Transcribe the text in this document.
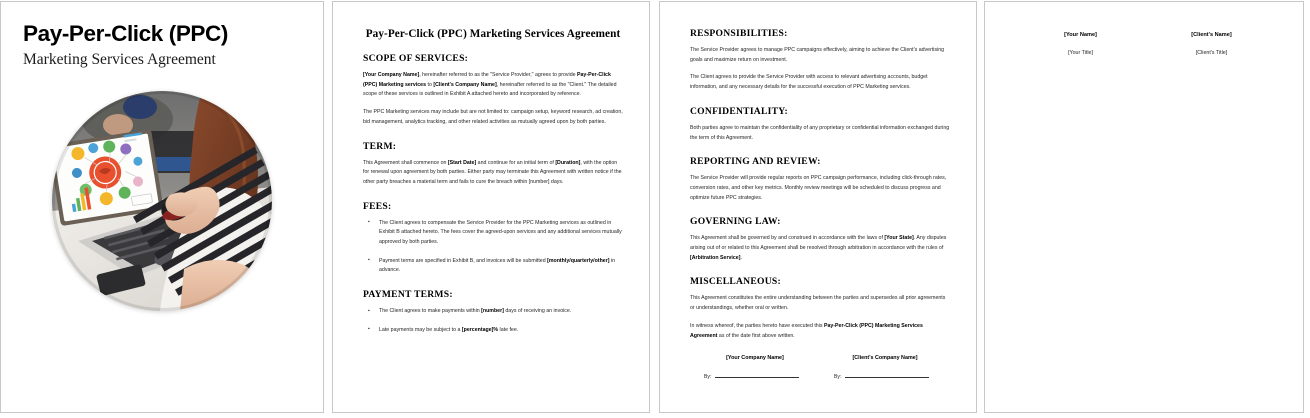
Pay-Per-Click (PPC)
Marketing Services Agreement
Pay-Per-Click (PPC) Marketing Services Agreement
SCOPE OF SERVICES:

[Your Company Name], hereinafter referred to as the "Service Provider," agrees to provide Pay-Per-Click (PPC) Marketing services to [Client's Company Name], hereinafter referred to as the "Client." The detailed scope of these services is outlined in Exhibit A attached hereto and incorporated by reference.

The PPC Marketing services may include but are not limited to: campaign setup, keyword research, ad creation, bid management, analytics tracking, and other related activities as mutually agreed upon by both parties.

TERM:

This Agreement shall commence on [Start Date] and continue for an initial term of [Duration], with the option for renewal upon agreement by both parties. Either party may terminate this Agreement with written notice if the other party breaches a material term and fails to cure the breach within [number] days.

FEES:
▪ The Client agrees to compensate the Service Provider for the PPC Marketing services as outlined in Exhibit B attached hereto. The fees cover the agreed-upon services and any additional services mutually approved by both parties.
▪ Payment terms are specified in Exhibit B, and invoices will be submitted [monthly/quarterly/other] in advance.
PAYMENT TERMS:
▪ The Client agrees to make payments within [number] days of receiving an invoice.
▪ Late payments may be subject to a [percentage]% late fee.
RESPONSIBILITIES:

The Service Provider agrees to manage PPC campaigns effectively, aiming to achieve the Client's advertising goals and maximize return on investment.

The Client agrees to provide the Service Provider with access to relevant advertising accounts, budget information, and any necessary details for the successful execution of PPC Marketing services.

CONFIDENTIALITY:

Both parties agree to maintain the confidentiality of any proprietary or confidential information exchanged during the term of this Agreement.

REPORTING AND REVIEW:

The Service Provider will provide regular reports on PPC campaign performance, including click-through rates, conversion rates, and other key metrics. Monthly review meetings will be scheduled to discuss progress and optimize future PPC strategies.

GOVERNING LAW:

This Agreement shall be governed by and construed in accordance with the laws of [Your State]. Any disputes arising out of or related to this Agreement shall be resolved through arbitration in accordance with the rules of [Arbitration Service].

MISCELLANEOUS:

This Agreement constitutes the entire understanding between the parties and supersedes all prior agreements or understandings, whether oral or written.

In witness whereof, the parties hereto have executed this Pay-Per-Click (PPC) Marketing Services Agreement as of the date first above written.

[Your Company Name]
By:
[Client's Company Name]
By:
[Your Name]
[Your Title]
[Client's Name]
[Client's Title]
